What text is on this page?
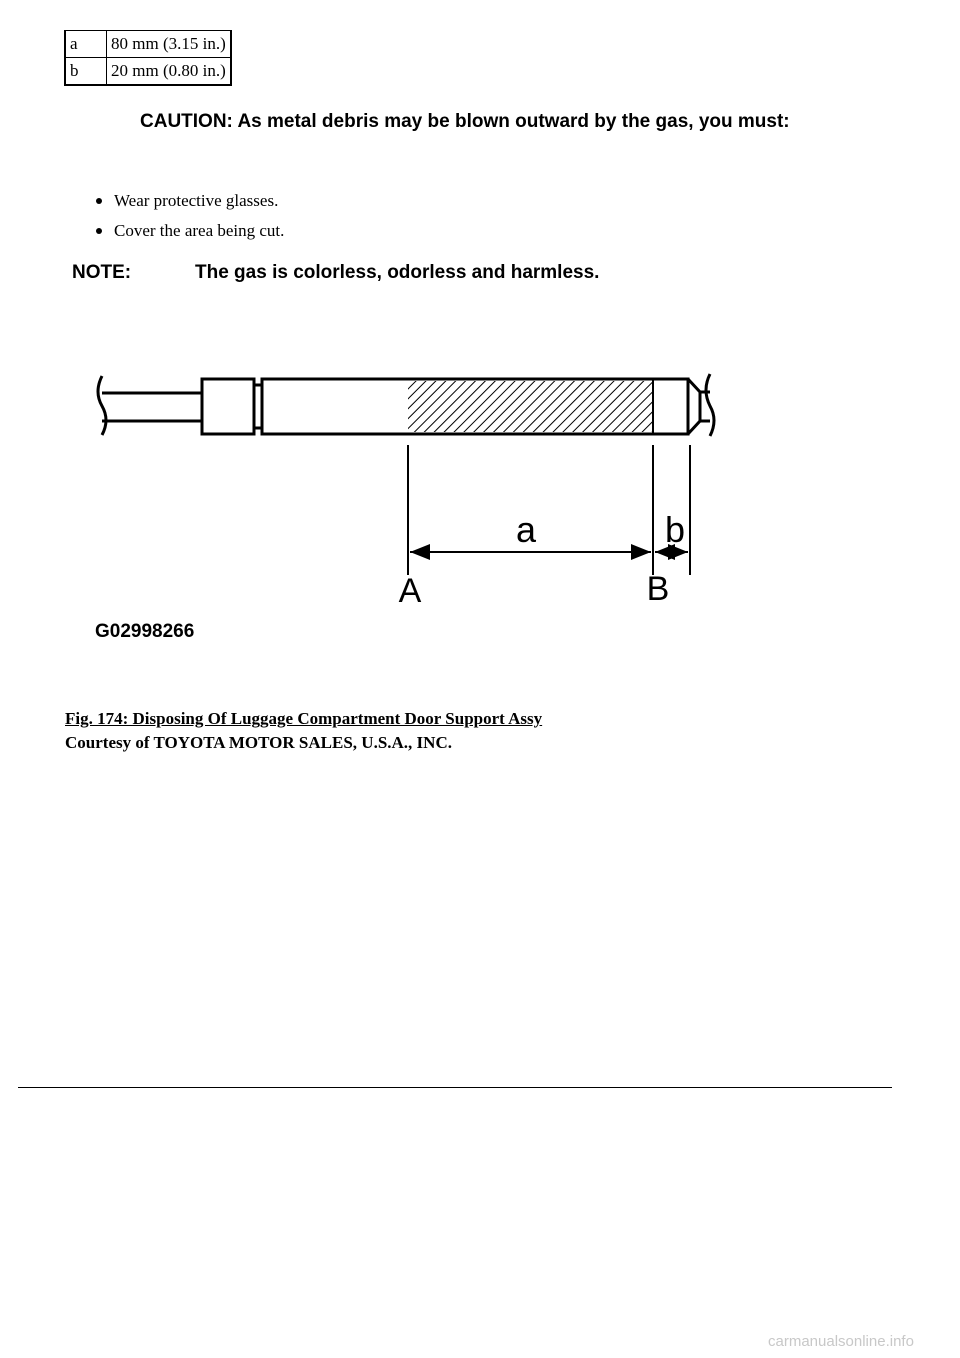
a	80 mm (3.15 in.)
b	20 mm (0.80 in.)
CAUTION: As metal debris may be blown outward by the gas, you must:
Wear protective glasses.
Cover the area being cut.
NOTE:	The gas is colorless, odorless and harmless.
a	b
A	B
G02998266
Fig. 174: Disposing Of Luggage Compartment Door Support Assy
Courtesy of TOYOTA MOTOR SALES, U.S.A., INC.
carmanualsonline.info
